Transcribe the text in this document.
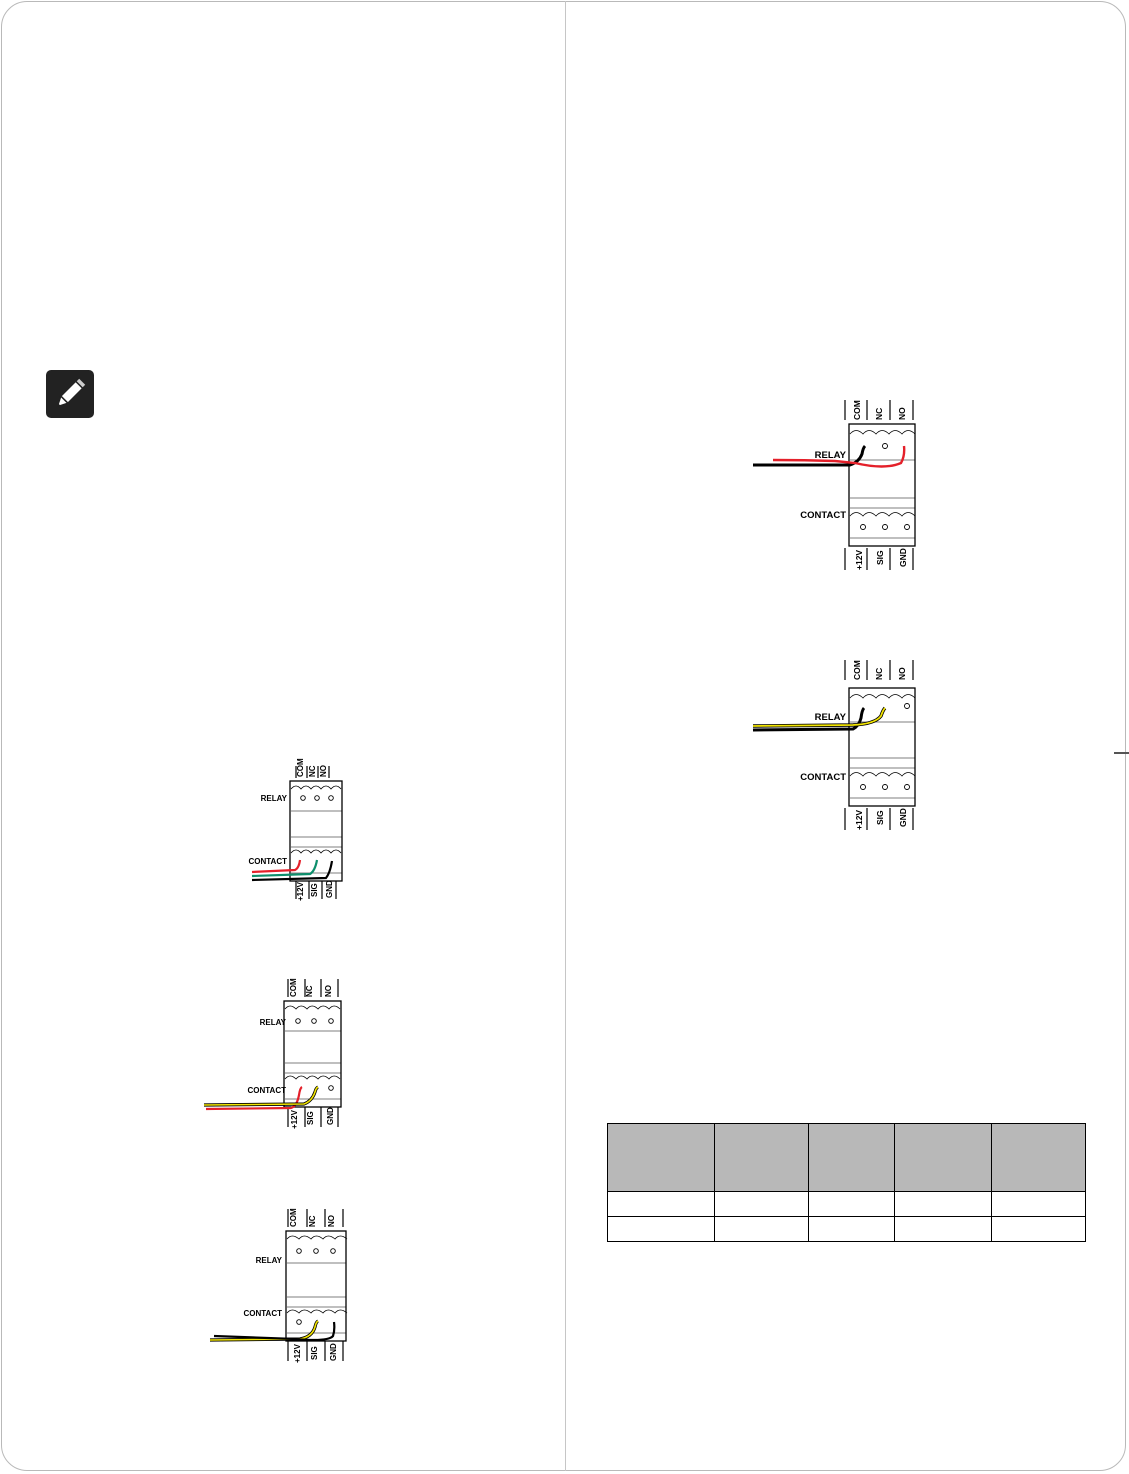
COM NC NO
+12V SIG GND
RELAY
CONTACT
COM NC NO
+12V SIG GND
RELAY
CONTACT
COM NC NO
+12V SIG GND
RELAY
CONTACT
COM NC NO
+12V SIG GND
RELAY
CONTACT
COM NC NO
+12V SIG GND
RELAY
CONTACT
